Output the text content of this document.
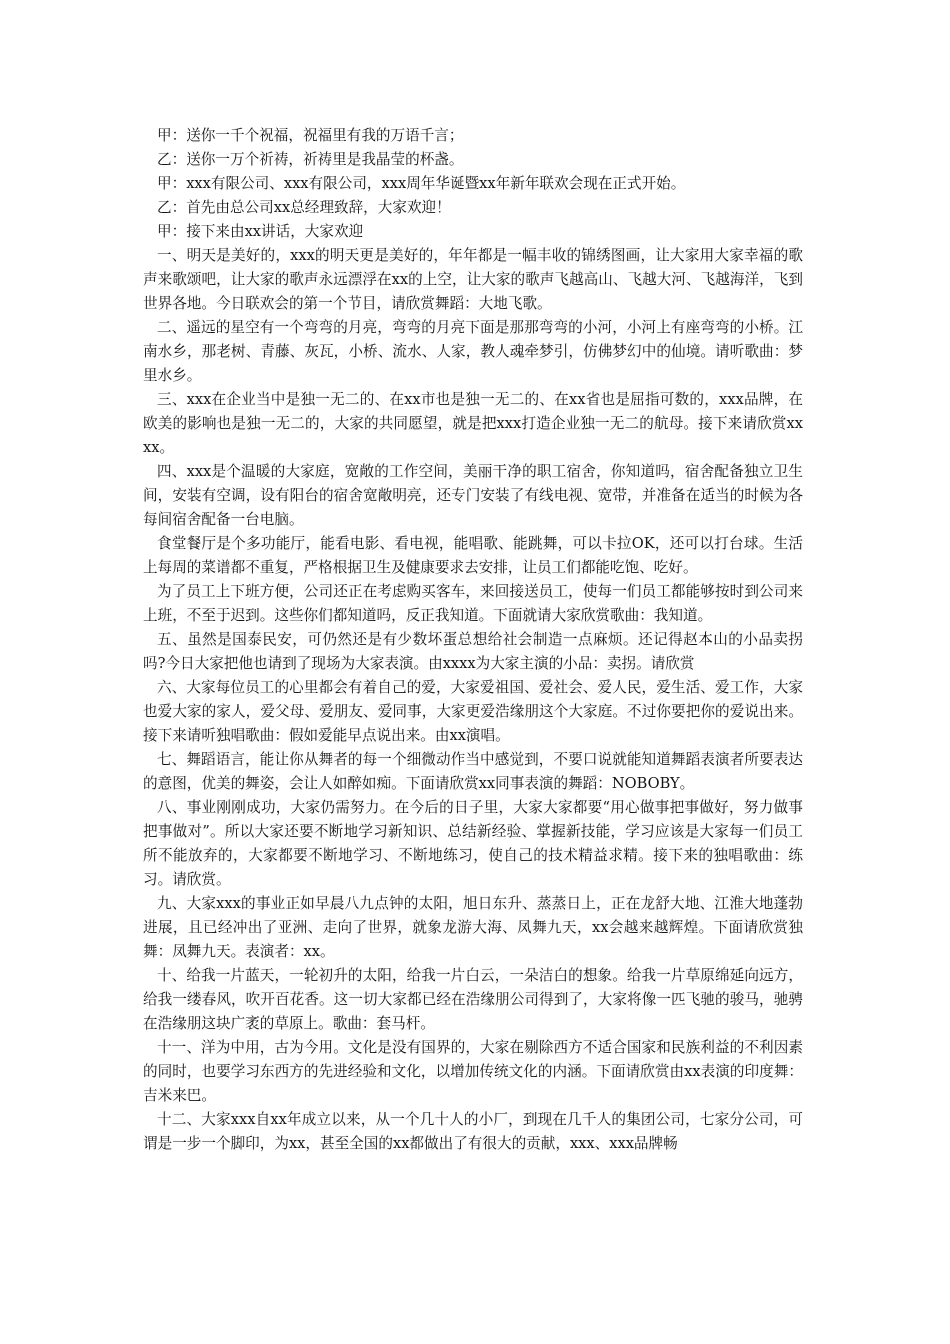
甲：送你一千个祝福，祝福里有我的万语千言；

乙：送你一万个祈祷，祈祷里是我晶莹的杯盏。

甲：xxx有限公司、xxx有限公司，xxx周年华诞暨xx年新年联欢会现在正式开始。

乙：首先由总公司xx总经理致辞，大家欢迎！

甲：接下来由xx讲话，大家欢迎

一、明天是美好的，xxx的明天更是美好的，年年都是一幅丰收的锦绣图画，让大家用大家幸福的歌声来歌颂吧，让大家的歌声永远漂浮在xx的上空，让大家的歌声飞越高山、飞越大河、飞越海洋，飞到世界各地。今日联欢会的第一个节目，请欣赏舞蹈：大地飞歌。

二、遥远的星空有一个弯弯的月亮，弯弯的月亮下面是那那弯弯的小河，小河上有座弯弯的小桥。江南水乡，那老树、青藤、灰瓦，小桥、流水、人家，教人魂牵梦引，仿佛梦幻中的仙境。请听歌曲：梦里水乡。

三、xxx在企业当中是独一无二的、在xx市也是独一无二的、在xx省也是屈指可数的，xxx品牌，在欧美的影响也是独一无二的，大家的共同愿望，就是把xxx打造企业独一无二的航母。接下来请欣赏xxxx。

四、xxx是个温暖的大家庭，宽敞的工作空间，美丽干净的职工宿舍，你知道吗，宿舍配备独立卫生间，安装有空调，设有阳台的宿舍宽敞明亮，还专门安装了有线电视、宽带，并准备在适当的时候为各每间宿舍配备一台电脑。

食堂餐厅是个多功能厅，能看电影、看电视，能唱歌、能跳舞，可以卡拉OK，还可以打台球。生活上每周的菜谱都不重复，严格根据卫生及健康要求去安排，让员工们都能吃饱、吃好。

为了员工上下班方便，公司还正在考虑购买客车，来回接送员工，使每一们员工都能够按时到公司来上班，不至于迟到。这些你们都知道吗，反正我知道。下面就请大家欣赏歌曲：我知道。

五、虽然是国泰民安，可仍然还是有少数坏蛋总想给社会制造一点麻烦。还记得赵本山的小品卖拐吗?今日大家把他也请到了现场为大家表演。由xxxx为大家主演的小品：卖拐。请欣赏

六、大家每位员工的心里都会有着自己的爱，大家爱祖国、爱社会、爱人民，爱生活、爱工作，大家也爱大家的家人，爱父母、爱朋友、爱同事，大家更爱浩缘朋这个大家庭。不过你要把你的爱说出来。接下来请听独唱歌曲：假如爱能早点说出来。由xx演唱。

七、舞蹈语言，能让你从舞者的每一个细微动作当中感觉到，不要口说就能知道舞蹈表演者所要表达的意图，优美的舞姿，会让人如醉如痴。下面请欣赏xx同事表演的舞蹈：NOBOBY。

八、事业刚刚成功，大家仍需努力。在今后的日子里，大家大家都要“用心做事把事做好，努力做事把事做对”。所以大家还要不断地学习新知识、总结新经验、掌握新技能，学习应该是大家每一们员工所不能放弃的，大家都要不断地学习、不断地练习，使自己的技术精益求精。接下来的独唱歌曲：练习。请欣赏。

九、大家xxx的事业正如早晨八九点钟的太阳，旭日东升、蒸蒸日上，正在龙舒大地、江淮大地蓬勃进展，且已经冲出了亚洲、走向了世界，就象龙游大海、凤舞九天，xx会越来越辉煌。下面请欣赏独舞：凤舞九天。表演者：xx。

十、给我一片蓝天，一轮初升的太阳，给我一片白云，一朵洁白的想象。给我一片草原绵延向远方，给我一缕春风，吹开百花香。这一切大家都已经在浩缘朋公司得到了，大家将像一匹飞驰的骏马，驰骋在浩缘朋这块广袤的草原上。歌曲：套马杆。

十一、洋为中用，古为今用。文化是没有国界的，大家在剔除西方不适合国家和民族利益的不利因素的同时，也要学习东西方的先进经验和文化，以增加传统文化的内涵。下面请欣赏由xx表演的印度舞：吉米来巴。

十二、大家xxx自xx年成立以来，从一个几十人的小厂，到现在几千人的集团公司，七家分公司，可谓是一步一个脚印，为xx，甚至全国的xx都做出了有很大的贡献，xxx、xxx品牌畅
